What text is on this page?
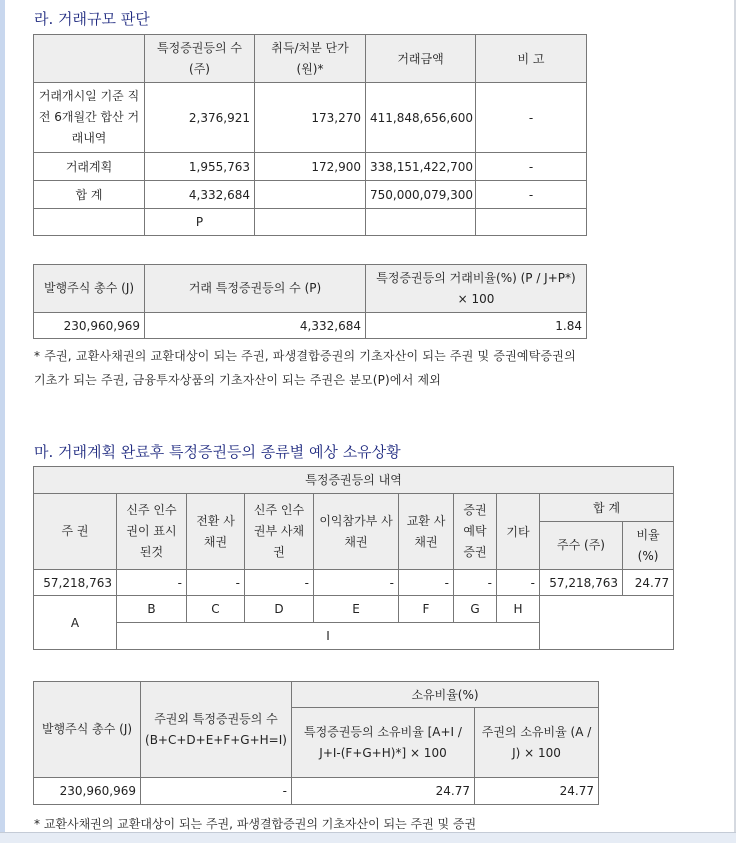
라. 거래규모 판단
	특정증권등의 수(주)	취득/처분 단가(원)*	거래금액	비 고
거래개시일 기준 직전 6개월간 합산 거래내역	2,376,921	173,270	411,848,656,600	-
거래계획	1,955,763	172,900	338,151,422,700	-
합 계	4,332,684		750,000,079,300	-
	P			
발행주식 총수 (J)	거래 특정증권등의 수 (P)	특정증권등의 거래비율(%) (P / J+P*) × 100
230,960,969	4,332,684	1.84
* 주권, 교환사채권의 교환대상이 되는 주권, 파생결합증권의 기초자산이 되는 주권 및 증권예탁증권의 기초가 되는 주권, 금융투자상품의 기초자산이 되는 주권은 분모(P)에서 제외
마. 거래계획 완료후 특정증권등의 종류별 예상 소유상황
특정증권등의 내역									
주 권	신주 인수권이 표시된것	전환 사채권	신주 인수권부 사채권	이익참가부 사채권	교환 사채권	증권 예탁 증권	기타	합 계	
								주수 (주)	비율 (%)
57,218,763	-	-	-	-	-	-	-	57,218,763	24.77
A	B	C	D	E	F	G	H		
	I								
발행주식 총수 (J)	주권외 특정증권등의 수 (B+C+D+E+F+G+H=I)	소유비율(%)	
		특정증권등의 소유비율 [A+I / J+I-(F+G+H)*] × 100	주권의 소유비율 (A / J) × 100
230,960,969	-	24.77	24.77
* 교환사채권의 교환대상이 되는 주권, 파생결합증권의 기초자산이 되는 주권 및 증권
